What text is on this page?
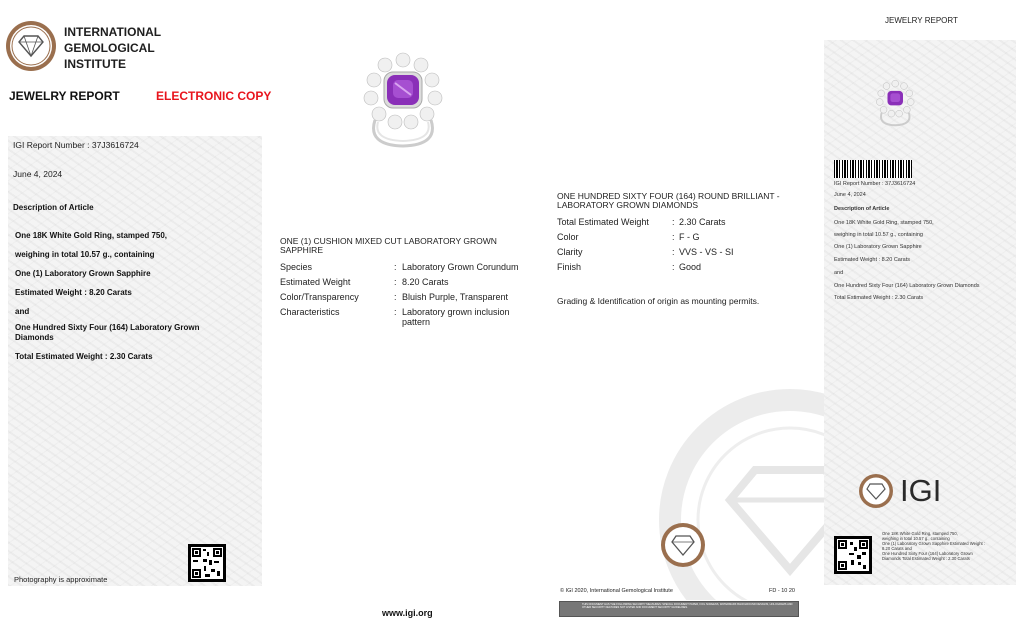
INTERNATIONAL
GEMOLOGICAL
INSTITUTE
JEWELRY REPORT	ELECTRONIC COPY
IGI Report Number : 37J3616724
June 4, 2024
Description of Article
One 18K White Gold Ring, stamped 750,
weighing in total 10.57 g., containing
One (1) Laboratory Grown Sapphire
Estimated Weight : 8.20 Carats
and
One Hundred Sixty Four (164) Laboratory Grown
Diamonds
Total Estimated Weight : 2.30 Carats
Photography is approximate
ONE (1) CUSHION MIXED CUT LABORATORY GROWN SAPPHIRE
Species	: Laboratory Grown Corundum
Estimated Weight	: 8.20 Carats
Color/Transparency	: Bluish Purple, Transparent
Characteristics	: Laboratory grown inclusion pattern
ONE HUNDRED SIXTY FOUR (164) ROUND BRILLIANT - LABORATORY GROWN DIAMONDS
Total Estimated Weight	: 2.30 Carats
Color	: F - G
Clarity	: VVS - VS - SI
Finish	: Good
Grading & Identification of origin as mounting permits.
www.igi.org
© IGI 2020, International Gemological Institute	FD - 10 20
THIS DOCUMENT HAS THE FOLLOWING SECURITY MEASURES: SPECIAL DOCUMENT PAPER, FOIL SCREENS, WATERMARK BACKGROUND DESIGNS, HOLOGRAMS AND OTHER SECURITY FEATURES NOT LISTED AND DOCUMENT SECURITY GUIDELINES.
JEWELRY REPORT
IGI Report Number : 37J3616724
June 4, 2024
Description of Article
One 18K White Gold Ring, stamped 750,
weighing in total 10.57 g., containing
One (1) Laboratory Grown Sapphire
Estimated Weight : 8.20 Carats
and
One Hundred Sixty Four (164) Laboratory Grown Diamonds
Total Estimated Weight : 2.30 Carats
IGI
One 18K White Gold Ring, stamped 750,
weighing in total 10.57 g., containing
One (1) Laboratory Grown Sapphire Estimated Weight :
8.20 Carats and
One Hundred Sixty Four (164) Laboratory Grown
Diamonds Total Estimated Weight : 2.30 Carats
